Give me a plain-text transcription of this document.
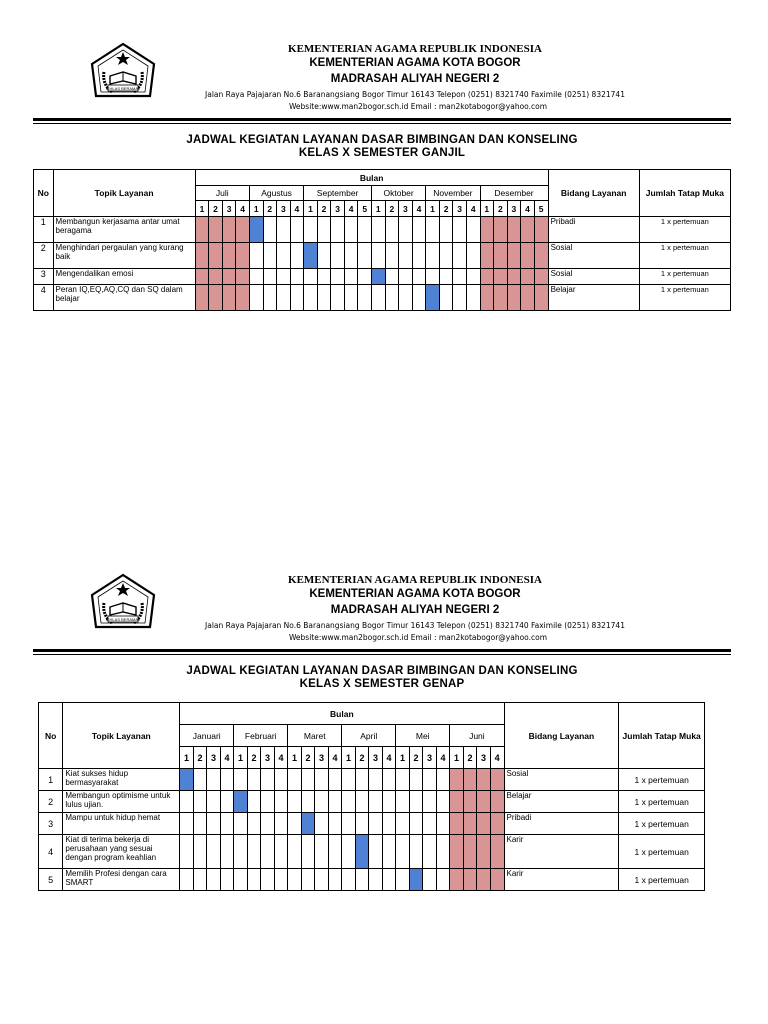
IKHLAS BERAMAL
KEMENTERIAN AGAMA REPUBLIK INDONESIA
KEMENTERIAN AGAMA KOTA BOGOR
MADRASAH ALIYAH NEGERI 2
Jalan Raya Pajajaran No.6 Baranangsiang Bogor Timur 16143 Telepon (0251) 8321740 Faximile (0251) 8321741
Website:www.man2bogor.sch.id Email : man2kotabogor@yahoo.com
JADWAL KEGIATAN LAYANAN DASAR BIMBINGAN DAN KONSELING
KELAS X SEMESTER GANJIL
No	Topik Layanan	Bulan																										Bidang Layanan	Jumlah Tatap Muka
		Juli				Agustus				September					Oktober				November				Desember						
		1	2	3	4	1	2	3	4	1	2	3	4	5	1	2	3	4	1	2	3	4	1	2	3	4	5		
1	Membangun kerjasama antar umat beragama																											Pribadi	1 x pertemuan
2	Menghindari pergaulan yang kurang baik																											Sosial	1 x pertemuan
3	Mengendalikan emosi																											Sosial	1 x pertemuan
4	Peran IQ,EQ,AQ,CQ dan SQ dalam belajar																											Belajar	1 x pertemuan
IKHLAS BERAMAL
KEMENTERIAN AGAMA REPUBLIK INDONESIA
KEMENTERIAN AGAMA KOTA BOGOR
MADRASAH ALIYAH NEGERI 2
Jalan Raya Pajajaran No.6 Baranangsiang Bogor Timur 16143 Telepon (0251) 8321740 Faximile (0251) 8321741
Website:www.man2bogor.sch.id Email : man2kotabogor@yahoo.com
JADWAL KEGIATAN LAYANAN DASAR BIMBINGAN DAN KONSELING
KELAS X SEMESTER GENAP
No	Topik Layanan	Bulan																								Bidang Layanan	Jumlah Tatap Muka
		Januari				Februari				Maret				April				Mei				Juni					
		1	2	3	4	1	2	3	4	1	2	3	4	1	2	3	4	1	2	3	4	1	2	3	4		
1	Kiat sukses hidup bermasyarakat																									Sosial	1 x pertemuan
2	Membangun optimisme untuk lulus ujian.																									Belajar	1 x pertemuan
3	Mampu untuk hidup hemat																									Pribadi	1 x pertemuan
4	Kiat di terima bekerja di perusahaan yang sesuai dengan program keahlian																									Karir	1 x pertemuan
5	Memilih Profesi dengan cara SMART																									Karir	1 x pertemuan
